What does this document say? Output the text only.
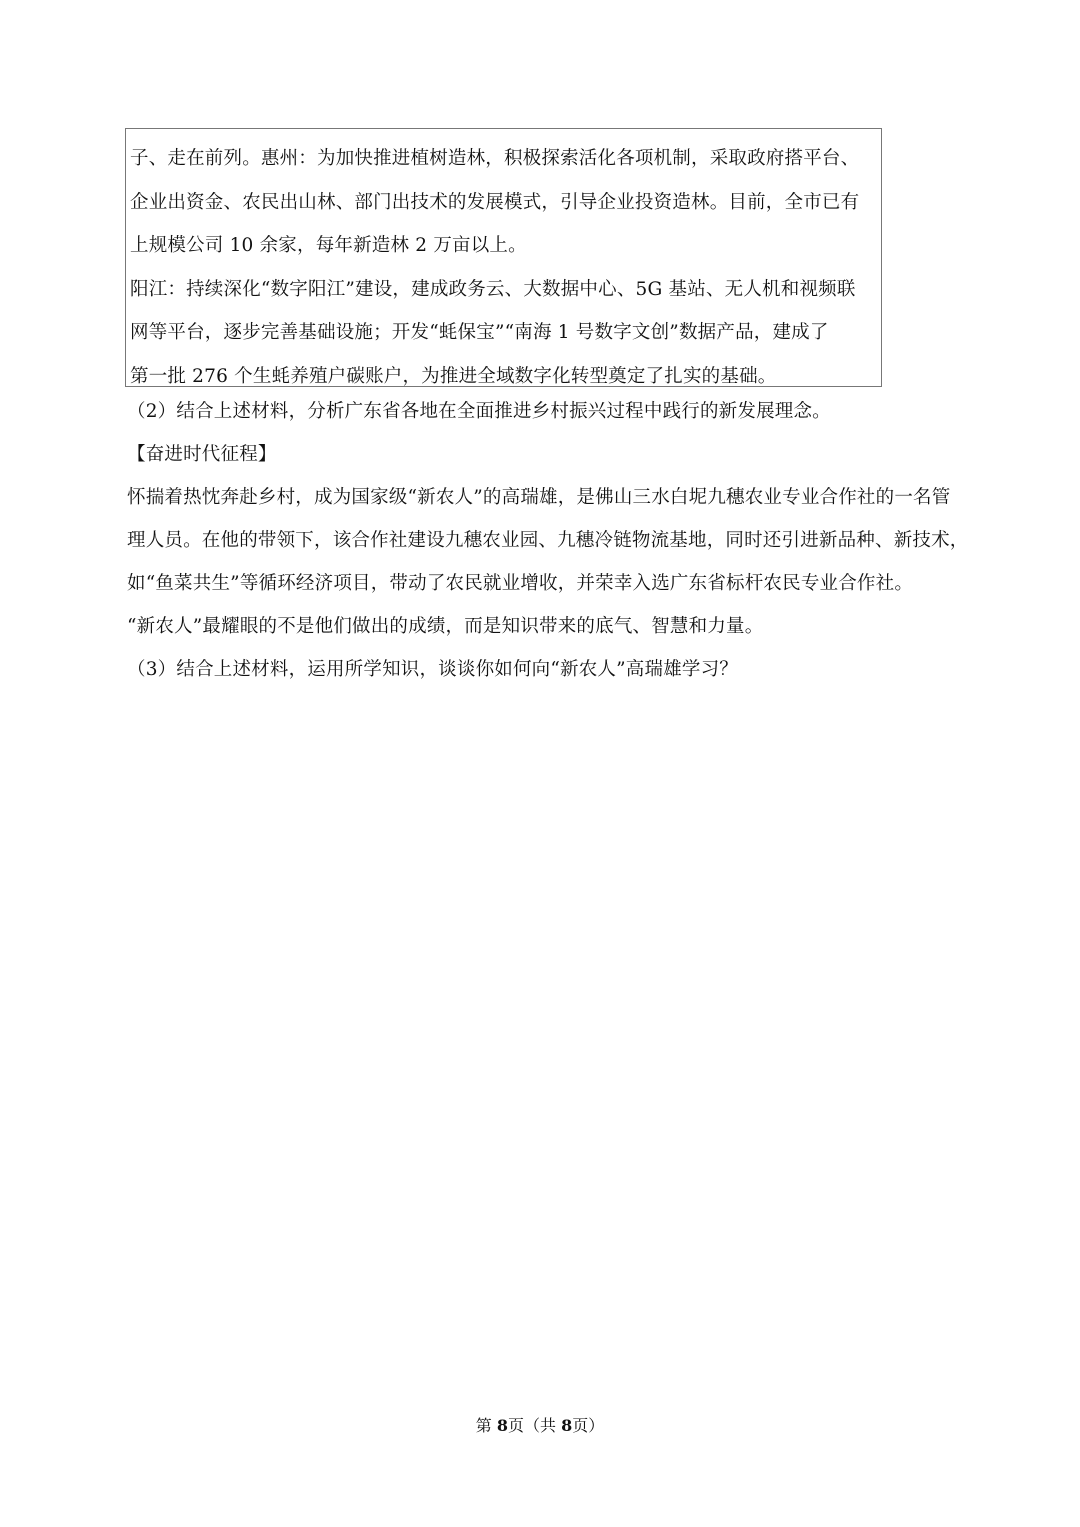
子、走在前列。惠州：为加快推进植树造林，积极探索活化各项机制，采取政府搭平台、
企业出资金、农民出山林、部门出技术的发展模式，引导企业投资造林。目前，全市已有
上规模公司 10 余家，每年新造林 2 万亩以上。
阳江：持续深化“数字阳江”建设，建成政务云、大数据中心、5G 基站、无人机和视频联
网等平台，逐步完善基础设施；开发“蚝保宝”“南海 1 号数字文创”数据产品，建成了
第一批 276 个生蚝养殖户碳账户，为推进全域数字化转型奠定了扎实的基础。
（2）结合上述材料，分析广东省各地在全面推进乡村振兴过程中践行的新发展理念。
【奋进时代征程】
怀揣着热忱奔赴乡村，成为国家级“新农人”的高瑞雄，是佛山三水白坭九穗农业专业合作社的一名管
理人员。在他的带领下，该合作社建设九穗农业园、九穗冷链物流基地，同时还引进新品种、新技术，
如“鱼菜共生”等循环经济项目，带动了农民就业增收，并荣幸入选广东省标杆农民专业合作社。
“新农人”最耀眼的不是他们做出的成绩，而是知识带来的底气、智慧和力量。
（3）结合上述材料，运用所学知识，谈谈你如何向“新农人”高瑞雄学习？
第 8页（共 8页）
